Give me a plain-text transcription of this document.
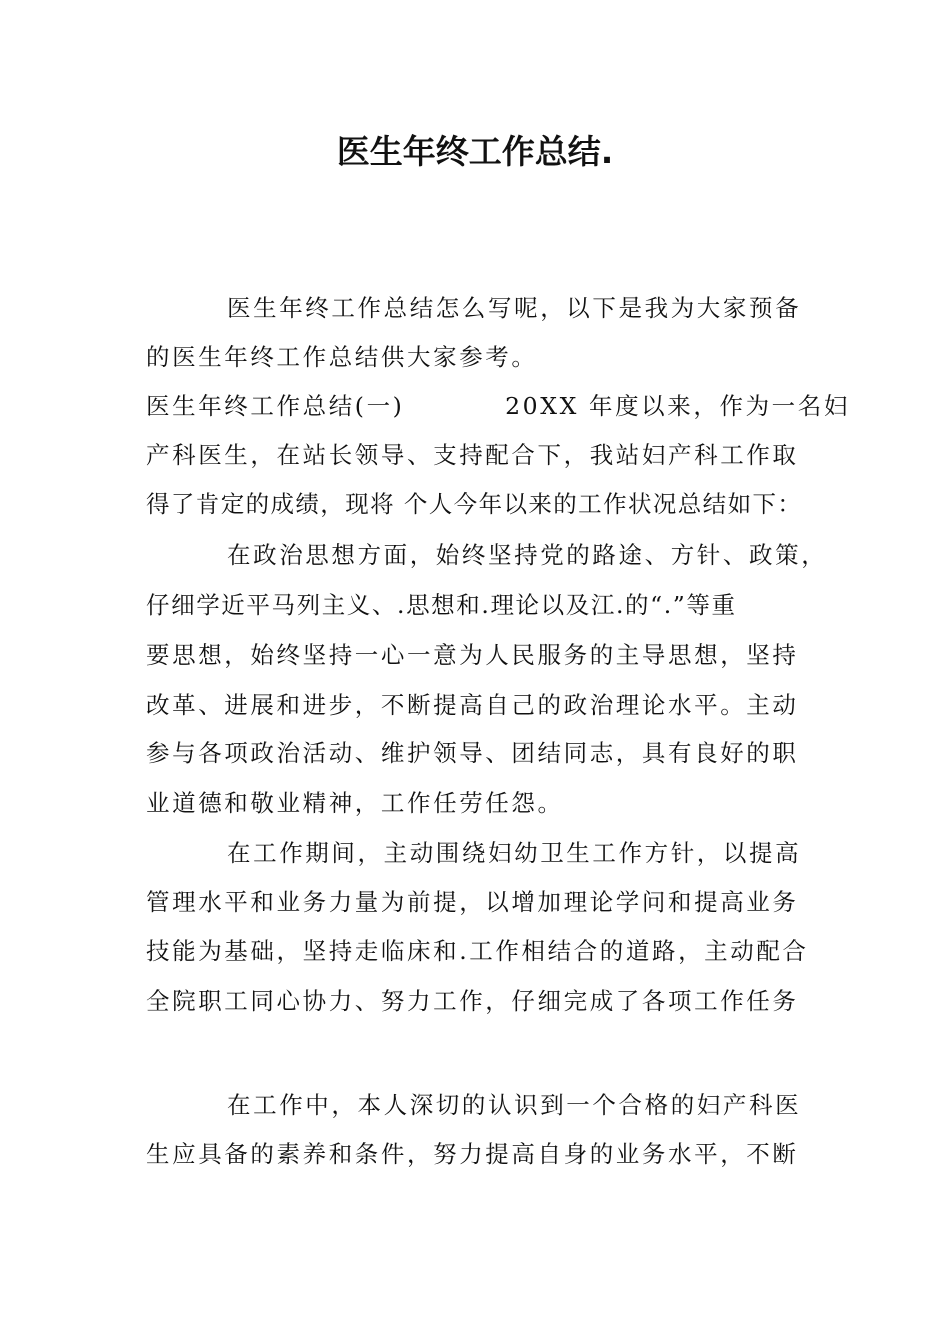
医生年终工作总结.
医生年终工作总结怎么写呢，以下是我为大家预备
的医生年终工作总结供大家参考。
医生年终工作总结(一)          20XX 年度以来，作为一名妇
产科医生，在站长领导、支持配合下，我站妇产科工作取
得了肯定的成绩，现将 个人今年以来的工作状况总结如下：
在政治思想方面，始终坚持党的路途、方针、政策，
仔细学近平马列主义、.思想和.理论以及江.的“.”等重
要思想，始终坚持一心一意为人民服务的主导思想，坚持
改革、进展和进步，不断提高自己的政治理论水平。主动
参与各项政治活动、维护领导、团结同志，具有良好的职
业道德和敬业精神，工作任劳任怨。
在工作期间，主动围绕妇幼卫生工作方针，以提高
管理水平和业务力量为前提，以增加理论学问和提高业务
技能为基础，坚持走临床和.工作相结合的道路，主动配合
全院职工同心协力、努力工作，仔细完成了各项工作任务
在工作中，本人深切的认识到一个合格的妇产科医
生应具备的素养和条件，努力提高自身的业务水平，不断
